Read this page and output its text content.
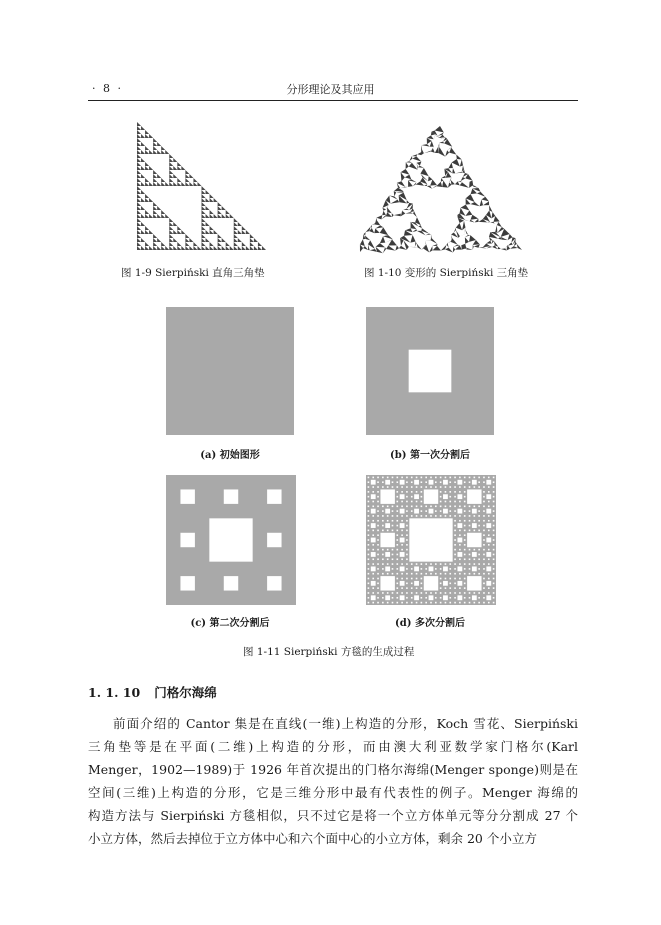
· 8 ·	分形理论及其应用
图 1-9 Sierpiński 直角三角垫	图 1-10 变形的 Sierpiński 三角垫
(a) 初始图形	(b) 第一次分割后
(c) 第二次分割后	(d) 多次分割后
图 1-11 Sierpiński 方毯的生成过程
1. 1. 10 门格尔海绵
前面介绍的 Cantor 集是在直线(一维)上构造的分形，Koch 雪花、Sierpiński
三角垫等是在平面(二维)上构造的分形，而由澳大利亚数学家门格尔(Karl
Menger，1902—1989)于 1926 年首次提出的门格尔海绵(Menger sponge)则是在
空间(三维)上构造的分形，它是三维分形中最有代表性的例子。Menger 海绵的
构造方法与 Sierpiński 方毯相似，只不过它是将一个立方体单元等分分割成 27 个
小立方体，然后去掉位于立方体中心和六个面中心的小立方体，剩余 20 个小立方
